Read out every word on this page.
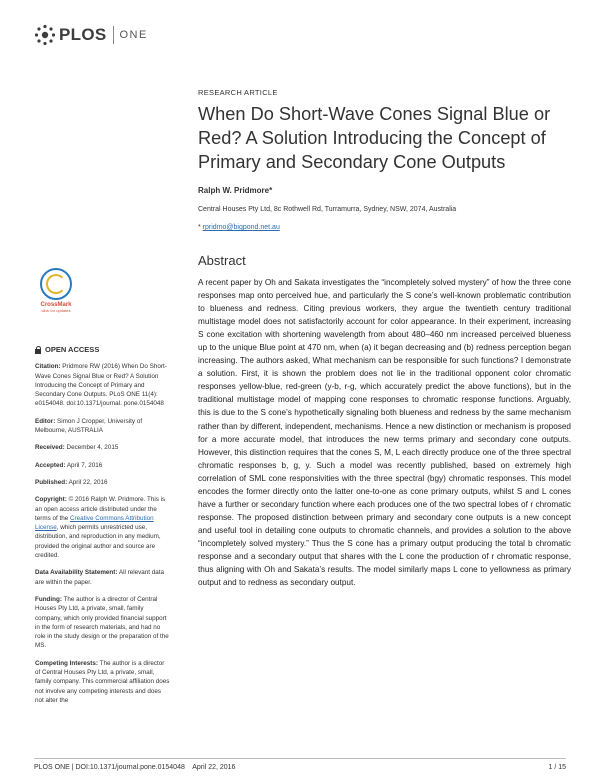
PLOS ONE
CrossMark
click for updates
OPEN ACCESS

Citation: Pridmore RW (2016) When Do Short-Wave Cones Signal Blue or Red? A Solution Introducing the Concept of Primary and Secondary Cone Outputs. PLoS ONE 11(4): e0154048. doi:10.1371/journal. pone.0154048

Editor: Simon J Cropper, University of Melbourne, AUSTRALIA

Received: December 4, 2015

Accepted: April 7, 2016

Published: April 22, 2016

Copyright: © 2016 Ralph W. Pridmore. This is an open access article distributed under the terms of the Creative Commons Attribution License, which permits unrestricted use, distribution, and reproduction in any medium, provided the original author and source are credited.

Data Availability Statement: All relevant data are within the paper.

Funding: The author is a director of Central Houses Pty Ltd, a private, small, family company, which only provided financial support in the form of research materials, and had no role in the study design or the preparation of the MS.

Competing Interests: The author is a director of Central Houses Pty Ltd, a private, small, family company. This commercial affiliation does not involve any competing interests and does not alter the

RESEARCH ARTICLE
When Do Short-Wave Cones Signal Blue or Red? A Solution Introducing the Concept of Primary and Secondary Cone Outputs
Ralph W. Pridmore*
Central Houses Pty Ltd, 8c Rothwell Rd, Turramurra, Sydney, NSW, 2074, Australia
* rpridmo@bigpond.net.au
Abstract

A recent paper by Oh and Sakata investigates the “incompletely solved mystery” of how the three cone responses map onto perceived hue, and particularly the S cone’s well-known problematic contribution to blueness and redness. Citing previous workers, they argue the twentieth century traditional multistage model does not satisfactorily account for color appearance. In their experiment, increasing S cone excitation with shortening wavelength from about 480–460 nm increased perceived blueness up to the unique Blue point at 470 nm, when (a) it began decreasing and (b) redness perception began increasing. The authors asked, What mechanism can be responsible for such functions? I demonstrate a solution. First, it is shown the problem does not lie in the traditional opponent color chromatic responses yellow-blue, red-green (y-b, r-g, which accurately predict the above functions), but in the traditional multistage model of mapping cone responses to chromatic response functions. Arguably, this is due to the S cone’s hypothetically signaling both blueness and redness by the same mechanism rather than by different, independent, mechanisms. Hence a new distinction or mechanism is proposed for a more accurate model, that introduces the new terms primary and secondary cone outputs. However, this distinction requires that the cones S, M, L each directly produce one of the three spectral chromatic responses b, g, y. Such a model was recently published, based on extremely high correlation of SML cone responsivities with the three spectral (bgy) chromatic responses. This model encodes the former directly onto the latter one-to-one as cone primary outputs, whilst S and L cones have a further or secondary function where each produces one of the two spectral lobes of r chromatic response. The proposed distinction between primary and secondary cone outputs is a new concept and useful tool in detailing cone outputs to chromatic channels, and provides a solution to the above “incompletely solved mystery.” Thus the S cone has a primary output producing the total b chromatic response and a secondary output that shares with the L cone the production of r chromatic response, thus aligning with Oh and Sakata’s results. The model similarly maps L cone to yellowness as primary output and to redness as secondary output.

PLOS ONE | DOI:10.1371/journal.pone.0154048    April 22, 2016	1 / 15
